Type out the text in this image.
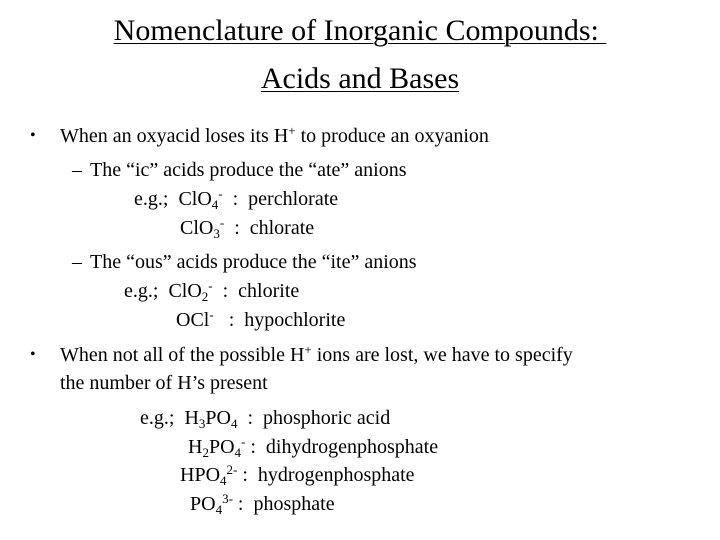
Nomenclature of Inorganic Compounds:
Acids and Bases
• When an oxyacid loses its H+ to produce an oxyanion
– The “ic” acids produce the “ate” anions
e.g.;  ClO$_4$-  :  perchlorate
ClO$_3$-  :  chlorate
– The “ous” acids produce the “ite” anions
e.g.;  ClO$_2$-  :  chlorite
OCl-   :  hypochlorite
• When not all of the possible H+ ions are lost, we have to specify
the number of H’s present
e.g.;  $H_3PO_4$  :  phosphoric acid
$H_2PO_4^-$ :  dihydrogenphosphate
$HPO_4^{2-}$ :  hydrogenphosphate
$PO_4^{3-}$ :  phosphate
